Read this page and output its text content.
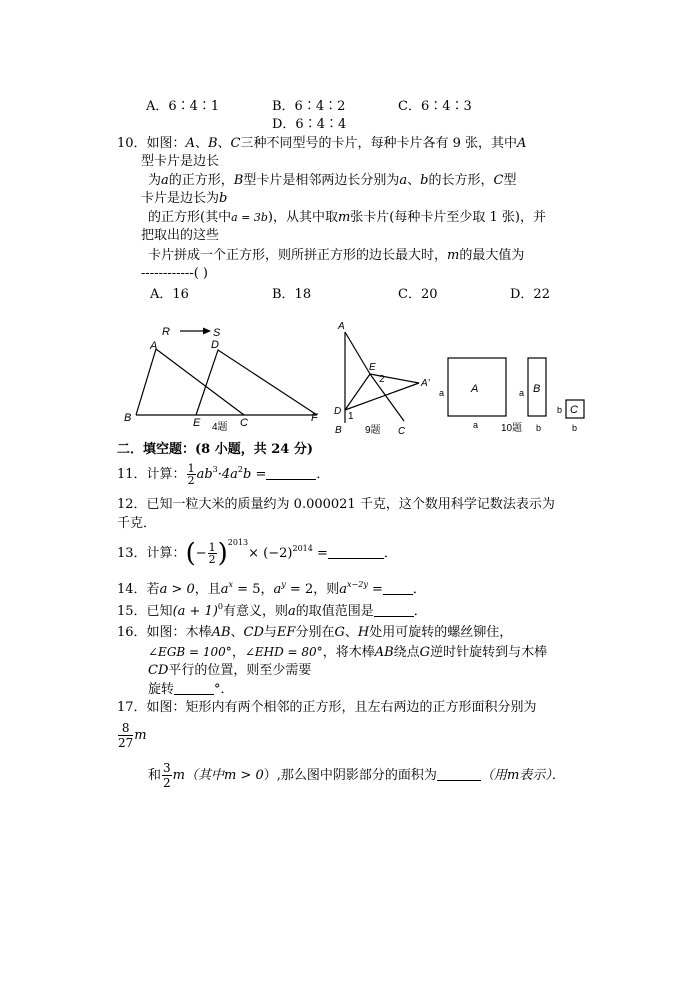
A．6∶4∶1	B．6∶4∶2	C．6∶4∶3
D．6∶4∶4
10．如图：A、B、C三种不同型号的卡片，每种卡片各有 9 张，其中A
型卡片是边长
为a的正方形，B型卡片是相邻两边长分别为a、b的长方形，C型
卡片是边长为b
的正方形(其中a = 3b)，从其中取m张卡片(每种卡片至少取 1 张)，并
把取出的这些
卡片拼成一个正方形，则所拼正方形的边长最大时，m的最大值为
------------( )
A．16	B．18	C．20	D．22
R	S
A	D
B	E	C	F
4题
A
E
2	A'
D 1
B	C
9题
A
a
a
a B
b
b C
b
10题
二．填空题：(8 小题，共 24 分)
11．计算： $\frac{1}{2} ab^3\cdot 4a^2b$ =	．
12．已知一粒大米的质量约为 0.000021 千克，这个数用科学记数法表示为
千克．
13．计算：(− $\frac{1}{2} )^{2013}\times (-2)^{2014}$ =	．
14．若a > 0，且$a^x = 5$，$a^y = 2$，则$a^{x-2y}$ = ．
15．已知$(a + 1)^0$有意义，则a的取值范围是	．
16．如图：木棒AB、CD与EF分别在G、H处用可旋转的螺丝铆住，
∠EGB = 100°，∠EHD = 80°，将木棒AB绕点G逆时针旋转到与木棒
CD平行的位置，则至少需要
旋转	°．
17．如图：矩形内有两个相邻的正方形，且左右两边的正方形面积分别为
$\frac{8}{27}$ m
和 $\frac{3}{2} m$（其中m > 0）,那么图中阴影部分的面积为	（用m表示）．
